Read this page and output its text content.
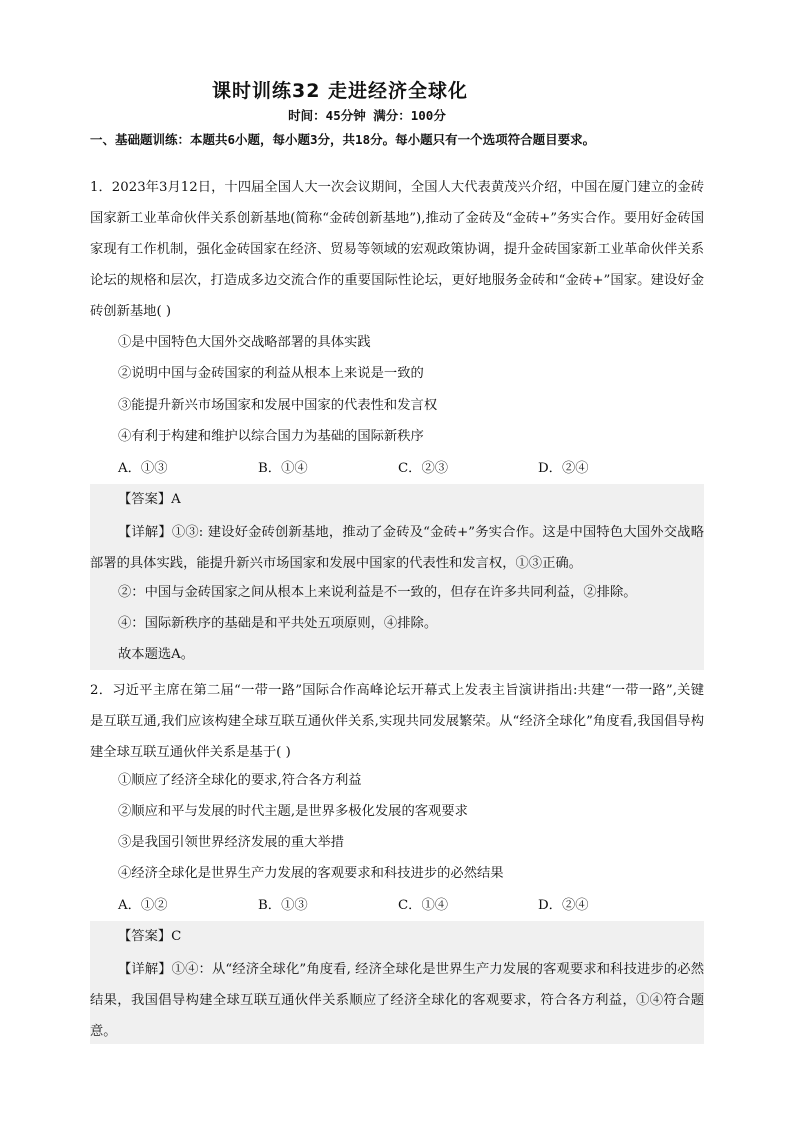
课时训练32 走进经济全球化
时间：45分钟 满分：100分
一、基础题训练：本题共6小题，每小题3分，共18分。每小题只有一个选项符合题目要求。
1．2023年3月12日，十四届全国人大一次会议期间，全国人大代表黄茂兴介绍，中国在厦门建立的金砖国家新工业革命伙伴关系创新基地(简称“金砖创新基地”),推动了金砖及“金砖+”务实合作。要用好金砖国家现有工作机制，强化金砖国家在经济、贸易等领域的宏观政策协调，提升金砖国家新工业革命伙伴关系论坛的规格和层次，打造成多边交流合作的重要国际性论坛，更好地服务金砖和“金砖+”国家。建设好金砖创新基地( )
①是中国特色大国外交战略部署的具体实践
②说明中国与金砖国家的利益从根本上来说是一致的
③能提升新兴市场国家和发展中国家的代表性和发言权
④有利于构建和维护以综合国力为基础的国际新秩序
A．①③	B．①④	C．②③	D．②④
【答案】A
【详解】①③: 建设好金砖创新基地，推动了金砖及“金砖+”务实合作。这是中国特色大国外交战略部署的具体实践，能提升新兴市场国家和发展中国家的代表性和发言权，①③正确。
②：中国与金砖国家之间从根本上来说利益是不一致的，但存在许多共同利益，②排除。
④：国际新秩序的基础是和平共处五项原则，④排除。
故本题选A。
2．习近平主席在第二届“一带一路”国际合作高峰论坛开幕式上发表主旨演讲指出:共建“一带一路”,关键是互联互通,我们应该构建全球互联互通伙伴关系,实现共同发展繁荣。从“经济全球化”角度看,我国倡导构建全球互联互通伙伴关系是基于( )
①顺应了经济全球化的要求,符合各方利益
②顺应和平与发展的时代主题,是世界多极化发展的客观要求
③是我国引领世界经济发展的重大举措
④经济全球化是世界生产力发展的客观要求和科技进步的必然结果
A．①②	B．①③	C．①④	D．②④
【答案】C
【详解】①④：从“经济全球化”角度看, 经济全球化是世界生产力发展的客观要求和科技进步的必然结果，我国倡导构建全球互联互通伙伴关系顺应了经济全球化的客观要求，符合各方利益，①④符合题意。
